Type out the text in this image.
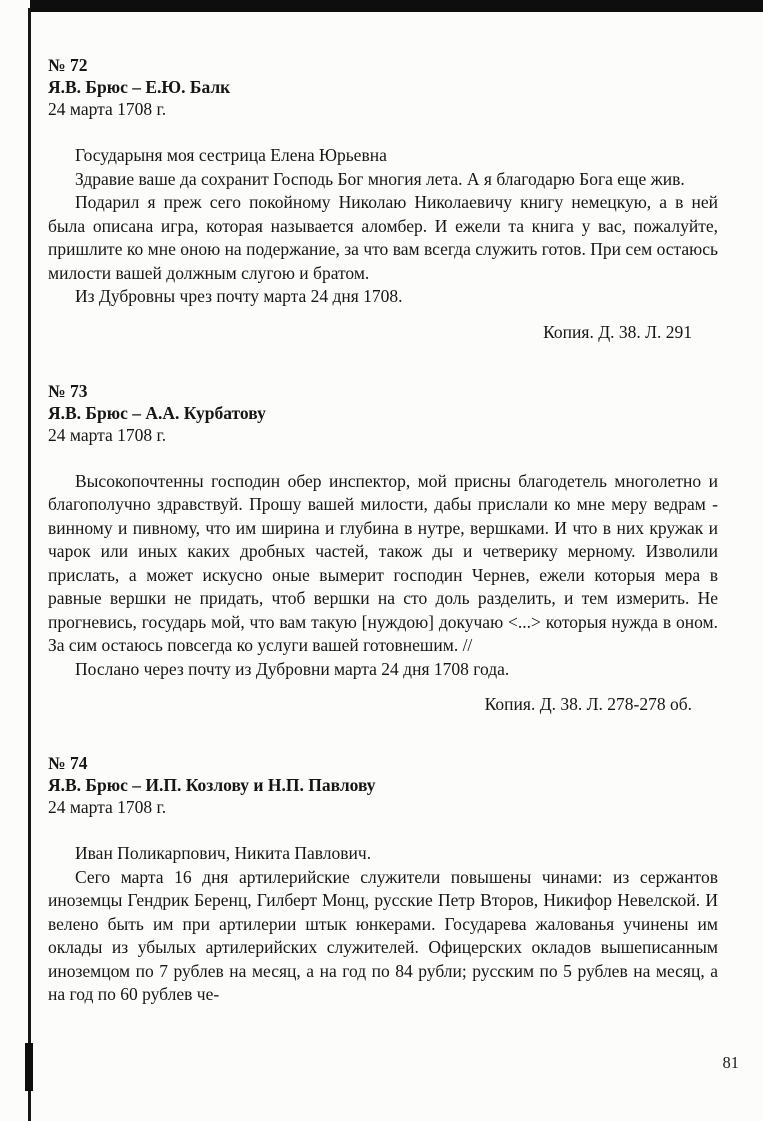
№ 72
Я.В. Брюс – Е.Ю. Балк
24 марта 1708 г.

Государыня моя сестрица Елена Юрьевна

Здравие ваше да сохранит Господь Бог многия лета. А я благодарю Бога еще жив.

Подарил я преж сего покойному Николаю Николаевичу книгу немецкую, а в ней была описана игра, которая называется аломбер. И ежели та книга у вас, пожалуйте, пришлите ко мне оною на подержание, за что вам всегда служить готов. При сем остаюсь милости вашей должным слугою и братом.

Из Дубровны чрез почту марта 24 дня 1708.

Копия. Д. 38. Л. 291
№ 73
Я.В. Брюс – А.А. Курбатову
24 марта 1708 г.

Высокопочтенны господин обер инспектор, мой присны благодетель многолетно и благополучно здравствуй. Прошу вашей милости, дабы прислали ко мне меру ведрам - винному и пивному, что им ширина и глубина в нутре, вершками. И что в них кружак и чарок или иных каких дробных частей, також ды и четверику мерному. Изволили прислать, а может искусно оные вымерит господин Чернев, ежели которыя мера в равные вершки не придать, чтоб вершки на сто доль разделить, и тем измерить. Не прогневись, государь мой, что вам такую [нуждою] докучаю <...> которыя нужда в оном. За сим остаюсь повсегда ко услуги вашей готовнешим. //

Послано через почту из Дубровни марта 24 дня 1708 года.

Копия. Д. 38. Л. 278-278 об.
№ 74
Я.В. Брюс – И.П. Козлову и Н.П. Павлову
24 марта 1708 г.

Иван Поликарпович, Никита Павлович.

Сего марта 16 дня артилерийские служители повышены чинами: из сержантов иноземцы Гендрик Беренц, Гилберт Монц, русские Петр Второв, Никифор Невелской. И велено быть им при артилерии штык юнкерами. Государева жалованья учинены им оклады из убылых артилерийских служителей. Офицерских окладов вышеписанным иноземцом по 7 рублев на месяц, а на год по 84 рубли; русским по 5 рублев на месяц, а на год по 60 рублев че-

81
